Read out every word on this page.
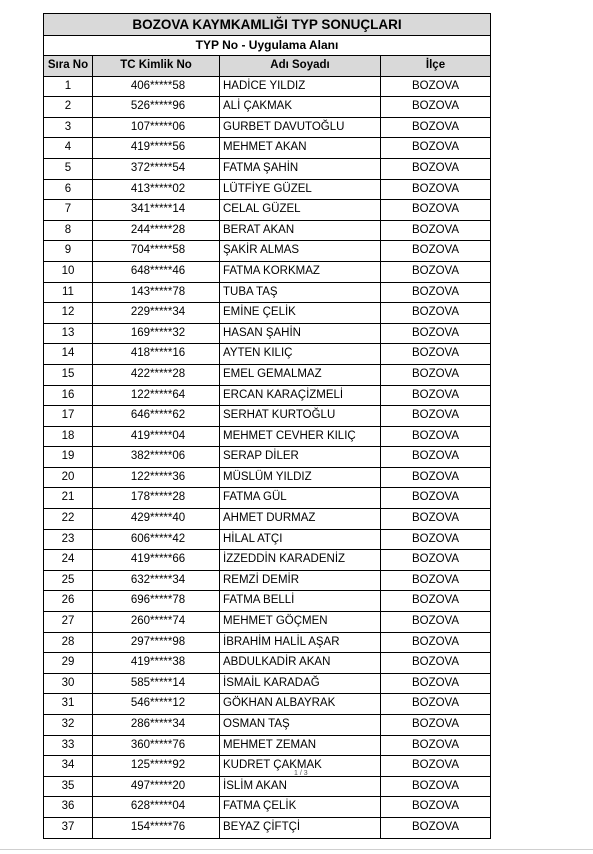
BOZOVA KAYMKAMLIĞI TYP SONUÇLARI			
TYP No - Uygulama Alanı			
Sıra No	TC Kimlik No	Adı Soyadı	İlçe
1	406*****58	HADİCE YILDIZ	BOZOVA
2	526*****96	ALİ ÇAKMAK	BOZOVA
3	107*****06	GURBET DAVUTOĞLU	BOZOVA
4	419*****56	MEHMET AKAN	BOZOVA
5	372*****54	FATMA ŞAHİN	BOZOVA
6	413*****02	LÜTFİYE GÜZEL	BOZOVA
7	341*****14	CELAL GÜZEL	BOZOVA
8	244*****28	BERAT AKAN	BOZOVA
9	704*****58	ŞAKİR ALMAS	BOZOVA
10	648*****46	FATMA KORKMAZ	BOZOVA
11	143*****78	TUBA TAŞ	BOZOVA
12	229*****34	EMİNE ÇELİK	BOZOVA
13	169*****32	HASAN ŞAHİN	BOZOVA
14	418*****16	AYTEN KILIÇ	BOZOVA
15	422*****28	EMEL GEMALMAZ	BOZOVA
16	122*****64	ERCAN KARAÇİZMELİ	BOZOVA
17	646*****62	SERHAT KURTOĞLU	BOZOVA
18	419*****04	MEHMET CEVHER KILIÇ	BOZOVA
19	382*****06	SERAP DİLER	BOZOVA
20	122*****36	MÜSLÜM YILDIZ	BOZOVA
21	178*****28	FATMA GÜL	BOZOVA
22	429*****40	AHMET DURMAZ	BOZOVA
23	606*****42	HİLAL ATÇI	BOZOVA
24	419*****66	İZZEDDİN KARADENİZ	BOZOVA
25	632*****34	REMZİ DEMİR	BOZOVA
26	696*****78	FATMA BELLİ	BOZOVA
27	260*****74	MEHMET GÖÇMEN	BOZOVA
28	297*****98	İBRAHİM HALİL AŞAR	BOZOVA
29	419*****38	ABDULKADİR AKAN	BOZOVA
30	585*****14	İSMAİL KARADAĞ	BOZOVA
31	546*****12	GÖKHAN ALBAYRAK	BOZOVA
32	286*****34	OSMAN TAŞ	BOZOVA
33	360*****76	MEHMET ZEMAN	BOZOVA
34	125*****92	KUDRET ÇAKMAK	BOZOVA
35	497*****20	İSLİM AKAN	BOZOVA
36	628*****04	FATMA ÇELİK	BOZOVA
37	154*****76	BEYAZ ÇİFTÇİ	BOZOVA
1 / 3
